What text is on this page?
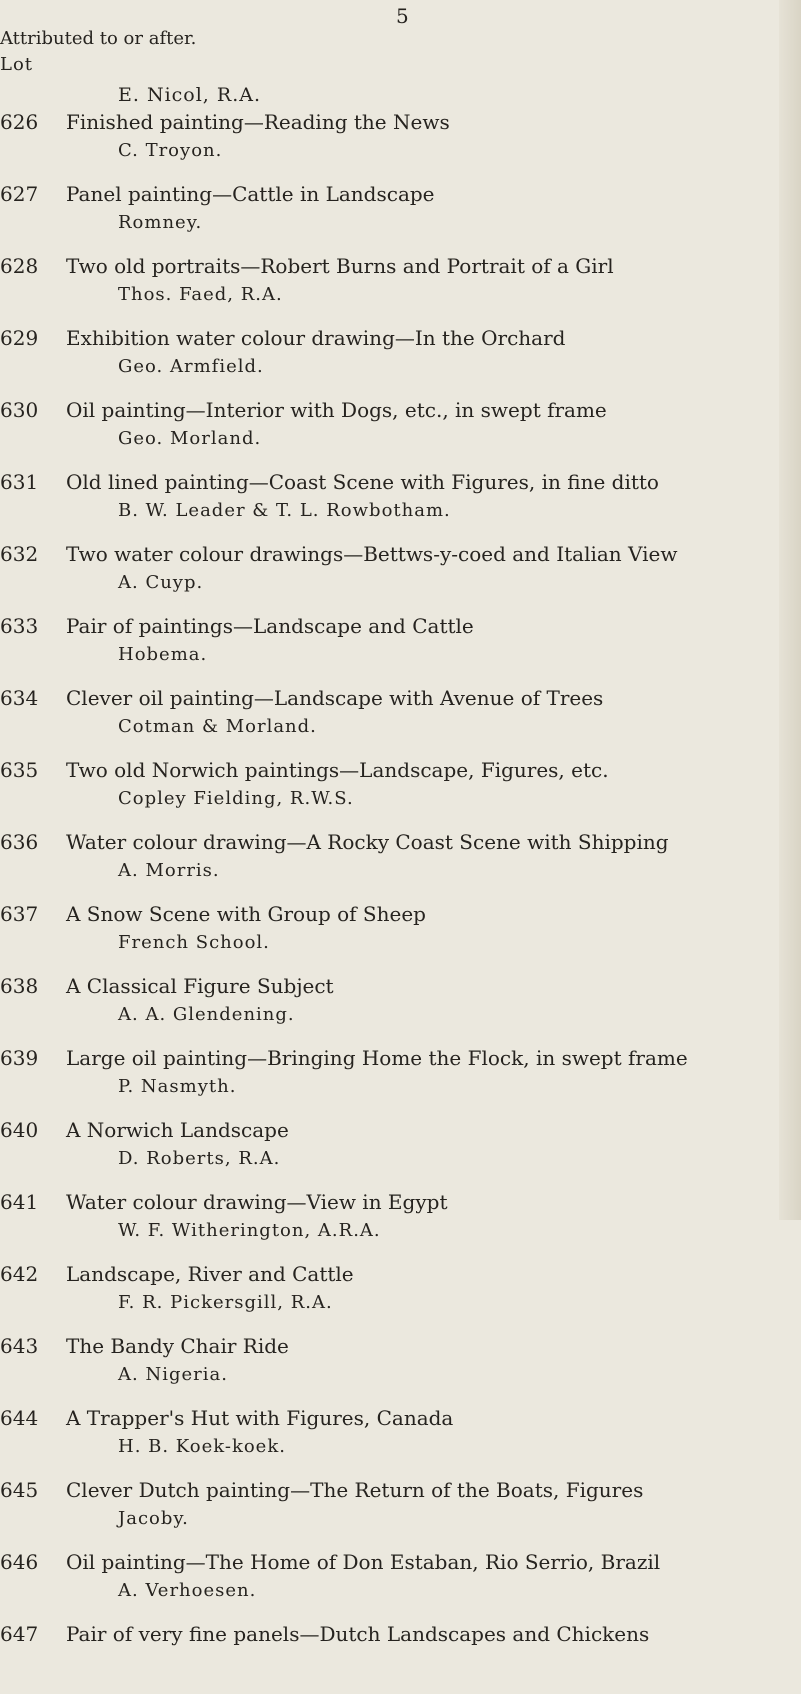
5
Attributed to or after.
Lot
E. Nicol, R.A.
626 Finished painting—Reading the News
C. Troyon.
627 Panel painting—Cattle in Landscape
Romney.
628 Two old portraits—Robert Burns and Portrait of a Girl
Thos. Faed, R.A.
629 Exhibition water colour drawing—In the Orchard
Geo. Armfield.
630 Oil painting—Interior with Dogs, etc., in swept frame
Geo. Morland.
631 Old lined painting—Coast Scene with Figures, in fine ditto
B. W. Leader & T. L. Rowbotham.
632 Two water colour drawings—Bettws-y-coed and Italian View
A. Cuyp.
633 Pair of paintings—Landscape and Cattle
Hobema.
634 Clever oil painting—Landscape with Avenue of Trees
Cotman & Morland.
635 Two old Norwich paintings—Landscape, Figures, etc.
Copley Fielding, R.W.S.
636 Water colour drawing—A Rocky Coast Scene with Shipping
A. Morris.
637 A Snow Scene with Group of Sheep
French School.
638 A Classical Figure Subject
A. A. Glendening.
639 Large oil painting—Bringing Home the Flock, in swept frame
P. Nasmyth.
640 A Norwich Landscape
D. Roberts, R.A.
641 Water colour drawing—View in Egypt
W. F. Witherington, A.R.A.
642 Landscape, River and Cattle
F. R. Pickersgill, R.A.
643 The Bandy Chair Ride
A. Nigeria.
644 A Trapper's Hut with Figures, Canada
H. B. Koek-koek.
645 Clever Dutch painting—The Return of the Boats, Figures
Jacoby.
646 Oil painting—The Home of Don Estaban, Rio Serrio, Brazil
A. Verhoesen.
647 Pair of very fine panels—Dutch Landscapes and Chickens
